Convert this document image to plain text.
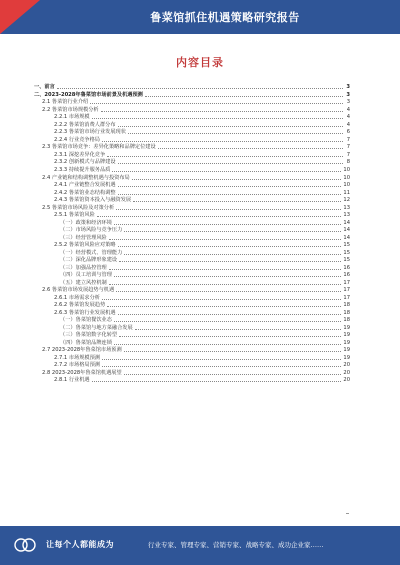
鲁菜馆抓住机遇策略研究报告
内容目录
一、前言	3
二、2023-2028年鲁菜馆市场前景及机遇预测	3
2.1 鲁菜馆行业介绍	3
2.2 鲁菜馆市场规模分析	4
2.2.1 市场规模	4
2.2.2 鲁菜馆消费人群分布	4
2.2.3 鲁菜馆市场行业发展现状	6
2.2.4 行业竞争格局	7
2.3 鲁菜馆市场竞争：差异化策略和品牌定位建设	7
2.3.1 深挖差异化竞争	7
2.3.2 创新模式与品牌建设	8
2.3.3 持续提升服务品质	10
2.4 产业链和结构调整机遇与投资布局	10
2.4.1 产业链整合发展机遇	10
2.4.2 鲁菜馆业态结构调整	11
2.4.3 鲁菜馆资本投入与融资发展	12
2.5 鲁菜馆市场风险及对策分析	13
2.5.1 鲁菜馆风险	13
（一）政策和经济环境	14
（二）市场风险与竞争压力	14
（三）经营管理风险	14
2.5.2 鲁菜馆风险应对策略	15
（一）经营模式、管理能力	15
（二）深化品牌形象建设	15
（三）加强品控管理	16
（四）员工培训与管理	16
（五）建立风控机制	17
2.6 鲁菜馆市场发展趋势与机遇	17
2.6.1 市场需求分析	17
2.6.2 鲁菜馆发展趋势	18
2.6.3 鲁菜馆行业发展机遇	18
（一）鲁菜馆餐饮业态	18
（二）鲁菜馆与地方菜融合发展	19
（三）鲁菜馆数字化转型	19
（四）鲁菜馆品牌连锁	19
2.7 2023-2028年鲁菜馆市场预测	19
2.7.1 市场规模预测	19
2.7.2 市场格局预测	20
2.8 2023-2028年鲁菜馆机遇展望	20
2.8.1 行业机遇	20
让每个人都能成为	行业专家、管理专家、营销专家、战略专家、成功企业家……
